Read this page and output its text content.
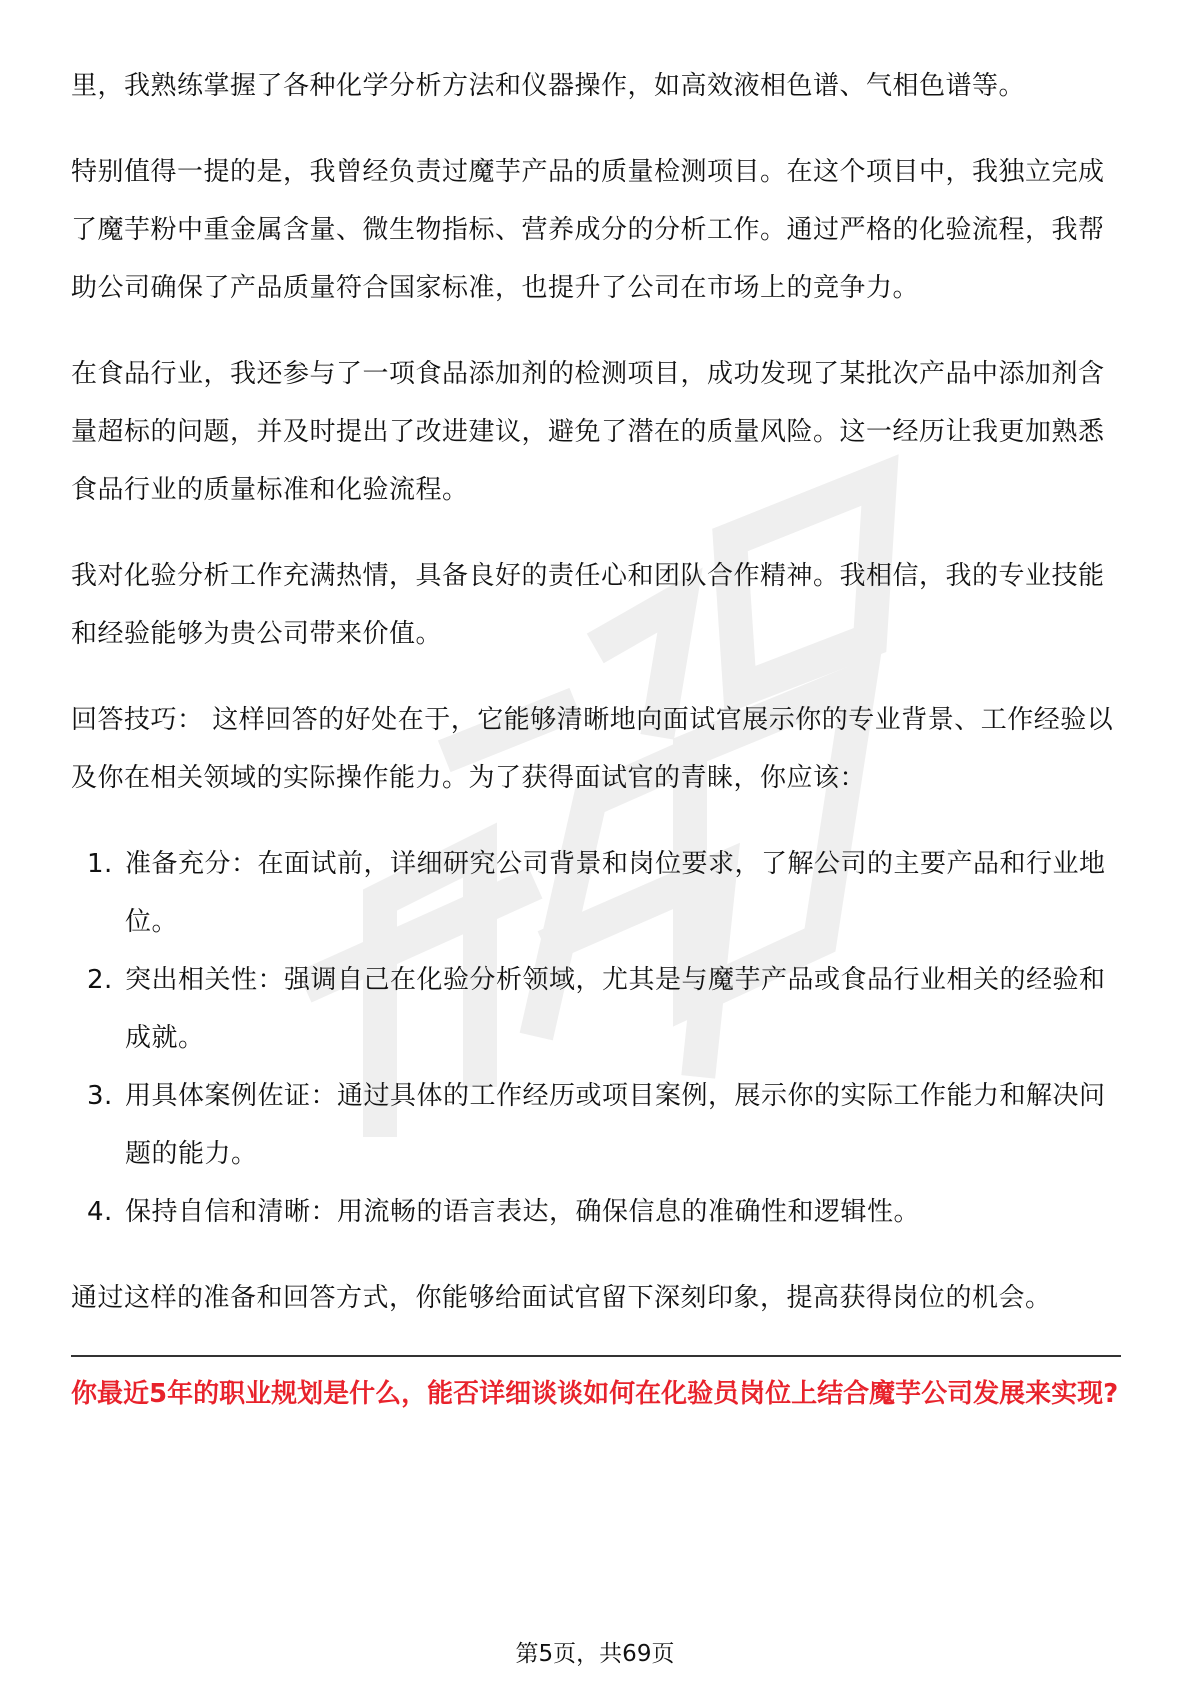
里，我熟练掌握了各种化学分析方法和仪器操作，如高效液相色谱、气相色谱等。

特别值得一提的是，我曾经负责过魔芋产品的质量检测项目。在这个项目中，我独立完成了魔芋粉中重金属含量、微生物指标、营养成分的分析工作。通过严格的化验流程，我帮助公司确保了产品质量符合国家标准，也提升了公司在市场上的竞争力。

在食品行业，我还参与了一项食品添加剂的检测项目，成功发现了某批次产品中添加剂含量超标的问题，并及时提出了改进建议，避免了潜在的质量风险。这一经历让我更加熟悉食品行业的质量标准和化验流程。

我对化验分析工作充满热情，具备良好的责任心和团队合作精神。我相信，我的专业技能和经验能够为贵公司带来价值。

回答技巧： 这样回答的好处在于，它能够清晰地向面试官展示你的专业背景、工作经验以及你在相关领域的实际操作能力。为了获得面试官的青睐，你应该：

1. 准备充分：在面试前，详细研究公司背景和岗位要求，了解公司的主要产品和行业地位。
2. 突出相关性：强调自己在化验分析领域，尤其是与魔芋产品或食品行业相关的经验和成就。
3. 用具体案例佐证：通过具体的工作经历或项目案例，展示你的实际工作能力和解决问题的能力。
4. 保持自信和清晰：用流畅的语言表达，确保信息的准确性和逻辑性。

通过这样的准备和回答方式，你能够给面试官留下深刻印象，提高获得岗位的机会。

你最近5年的职业规划是什么，能否详细谈谈如何在化验员岗位上结合魔芋公司发展来实现?

第5页，共69页
